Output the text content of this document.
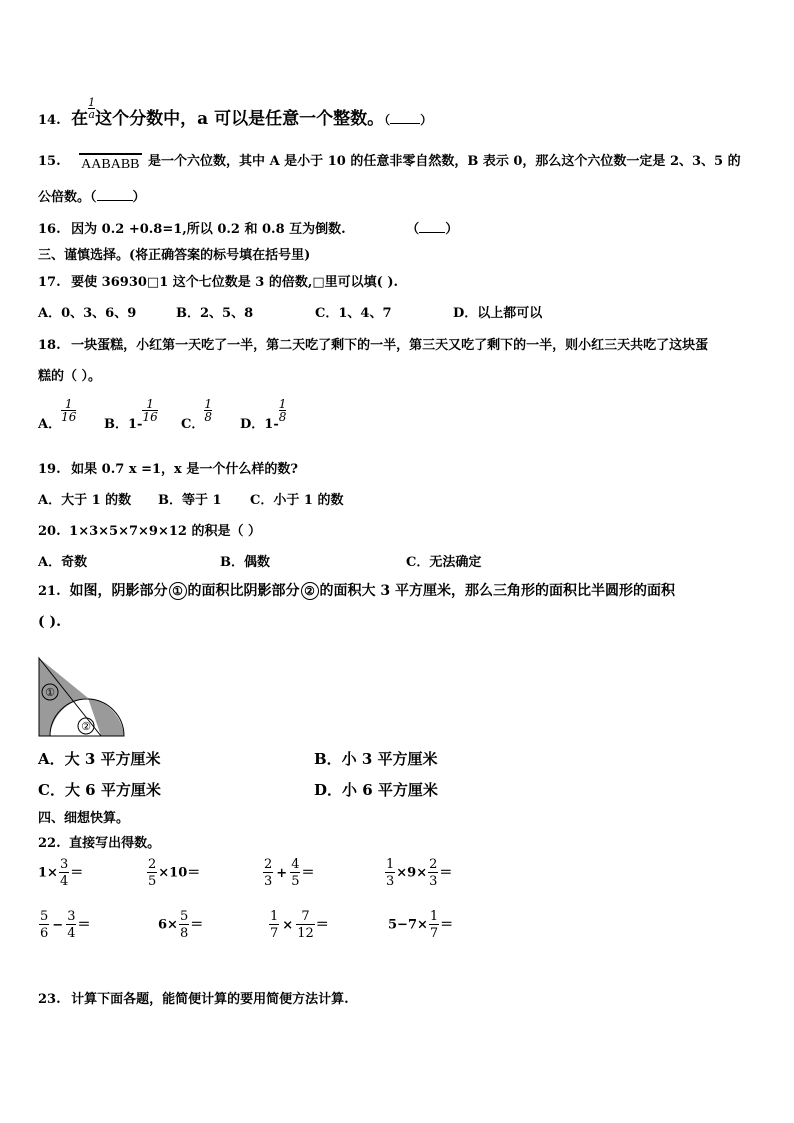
14. 在 $\frac{1}{a}$ 这个分数中，a 可以是任意一个整数。（	）
15. AABABB 是一个六位数，其中 A 是小于 10 的任意非零自然数，B 表示 0，那么这个六位数一定是 2、3、5 的
公倍数。（	）
16. 因为 0.2 +0.8=1,所以 0.2 和 0.8 互为倒数.	（ ）
三、谨慎选择。(将正确答案的标号填在括号里)
17. 要使 36930□1 这个七位数是 3 的倍数,□里可以填( ).
A．0、3、6、9	B．2、5、8	C．1、4、7	D．以上都可以
18. 一块蛋糕，小红第一天吃了一半，第二天吃了剩下的一半，第三天又吃了剩下的一半，则小红三天共吃了这块蛋
糕的（ ）。
A．
$\frac{1}{16}$
B．1-
$\frac{1}{16}$
C．
$\frac{1}{8}$
D．1-
$\frac{1}{8}$
19. 如果 0.7 x =1，x 是一个什么样的数?
A．大于 1 的数 B．等于 1 C．小于 1 的数
20. 1×3×5×7×9×12 的积是（ ）
A．奇数	B．偶数	C．无法确定
21. 如图，阴影部分 ① 的面积比阴影部分 ② 的面积大 3 平方厘米，那么三角形的面积比半圆形的面积
( ).
①
②
A．大 3 平方厘米	B．小 3 平方厘米
C．大 6 平方厘米	D．小 6 平方厘米
四、细想快算。
22. 直接写出得数。
$1\times \frac{3}{4}$ ＝	$\frac{2}{5} \times 10=$	$\frac{2}{3} + \frac{4}{5}$ ＝	$\frac{1}{3} \times 9\times \frac{2}{3}$ ＝
$\frac{5}{6} - \frac{3}{4}$ ＝	$6\times \frac{5}{8}$ ＝	$\frac{1}{7} \times \frac{7}{12}$ ＝	$5-7\times \frac{1}{7}$ ＝
23. 计算下面各题，能简便计算的要用简便方法计算.
